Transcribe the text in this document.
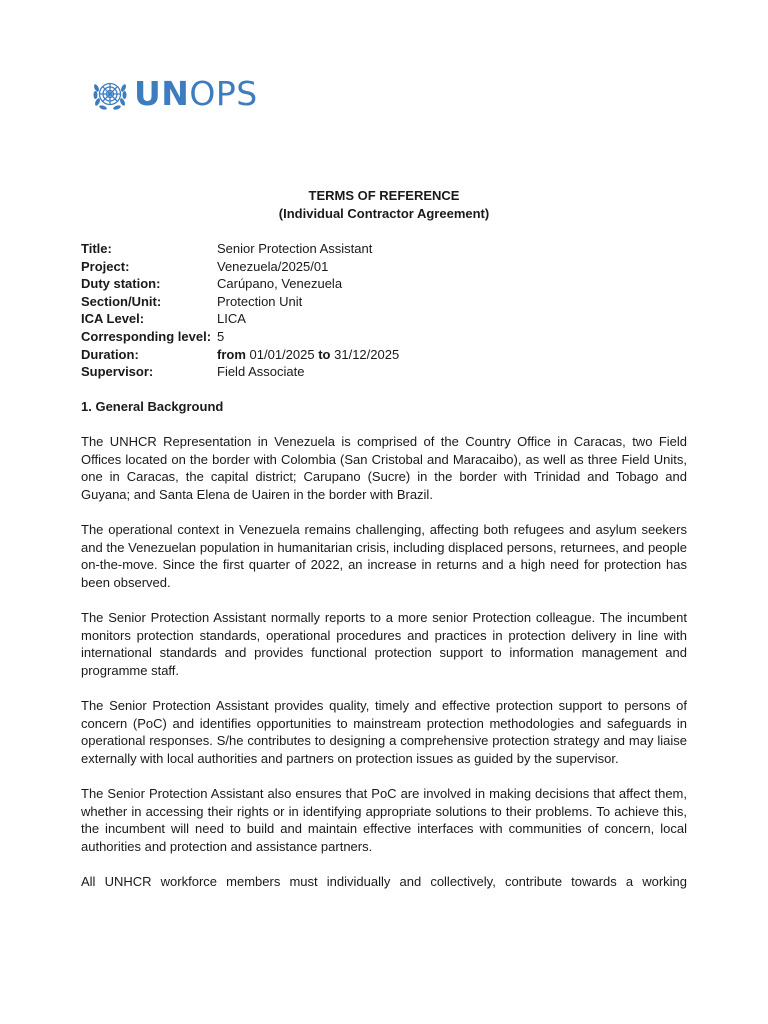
UNOPS
TERMS OF REFERENCE
(Individual Contractor Agreement)
Title:	Senior Protection Assistant
Project:	Venezuela/2025/01
Duty station:	Carúpano, Venezuela
Section/Unit:	Protection Unit
ICA Level:	LICA
Corresponding level: 5
Duration:	from 01/01/2025 to 31/12/2025
Supervisor:	Field Associate
1. General Background

The UNHCR Representation in Venezuela is comprised of the Country Office in Caracas, two Field Offices located on the border with Colombia (San Cristobal and Maracaibo), as well as three Field Units, one in Caracas, the capital district; Carupano (Sucre) in the border with Trinidad and Tobago and Guyana; and Santa Elena de Uairen in the border with Brazil.

The operational context in Venezuela remains challenging, affecting both refugees and asylum seekers and the Venezuelan population in humanitarian crisis, including displaced persons, returnees, and people on-the-move. Since the first quarter of 2022, an increase in returns and a high need for protection has been observed.

The Senior Protection Assistant normally reports to a more senior Protection colleague. The incumbent monitors protection standards, operational procedures and practices in protection delivery in line with international standards and provides functional protection support to information management and programme staff.

The Senior Protection Assistant provides quality, timely and effective protection support to persons of concern (PoC) and identifies opportunities to mainstream protection methodologies and safeguards in operational responses. S/he contributes to designing a comprehensive protection strategy and may liaise externally with local authorities and partners on protection issues as guided by the supervisor.

The Senior Protection Assistant also ensures that PoC are involved in making decisions that affect them, whether in accessing their rights or in identifying appropriate solutions to their problems. To achieve this, the incumbent will need to build and maintain effective interfaces with communities of concern, local authorities and protection and assistance partners.

All UNHCR workforce members must individually and collectively, contribute towards a working
